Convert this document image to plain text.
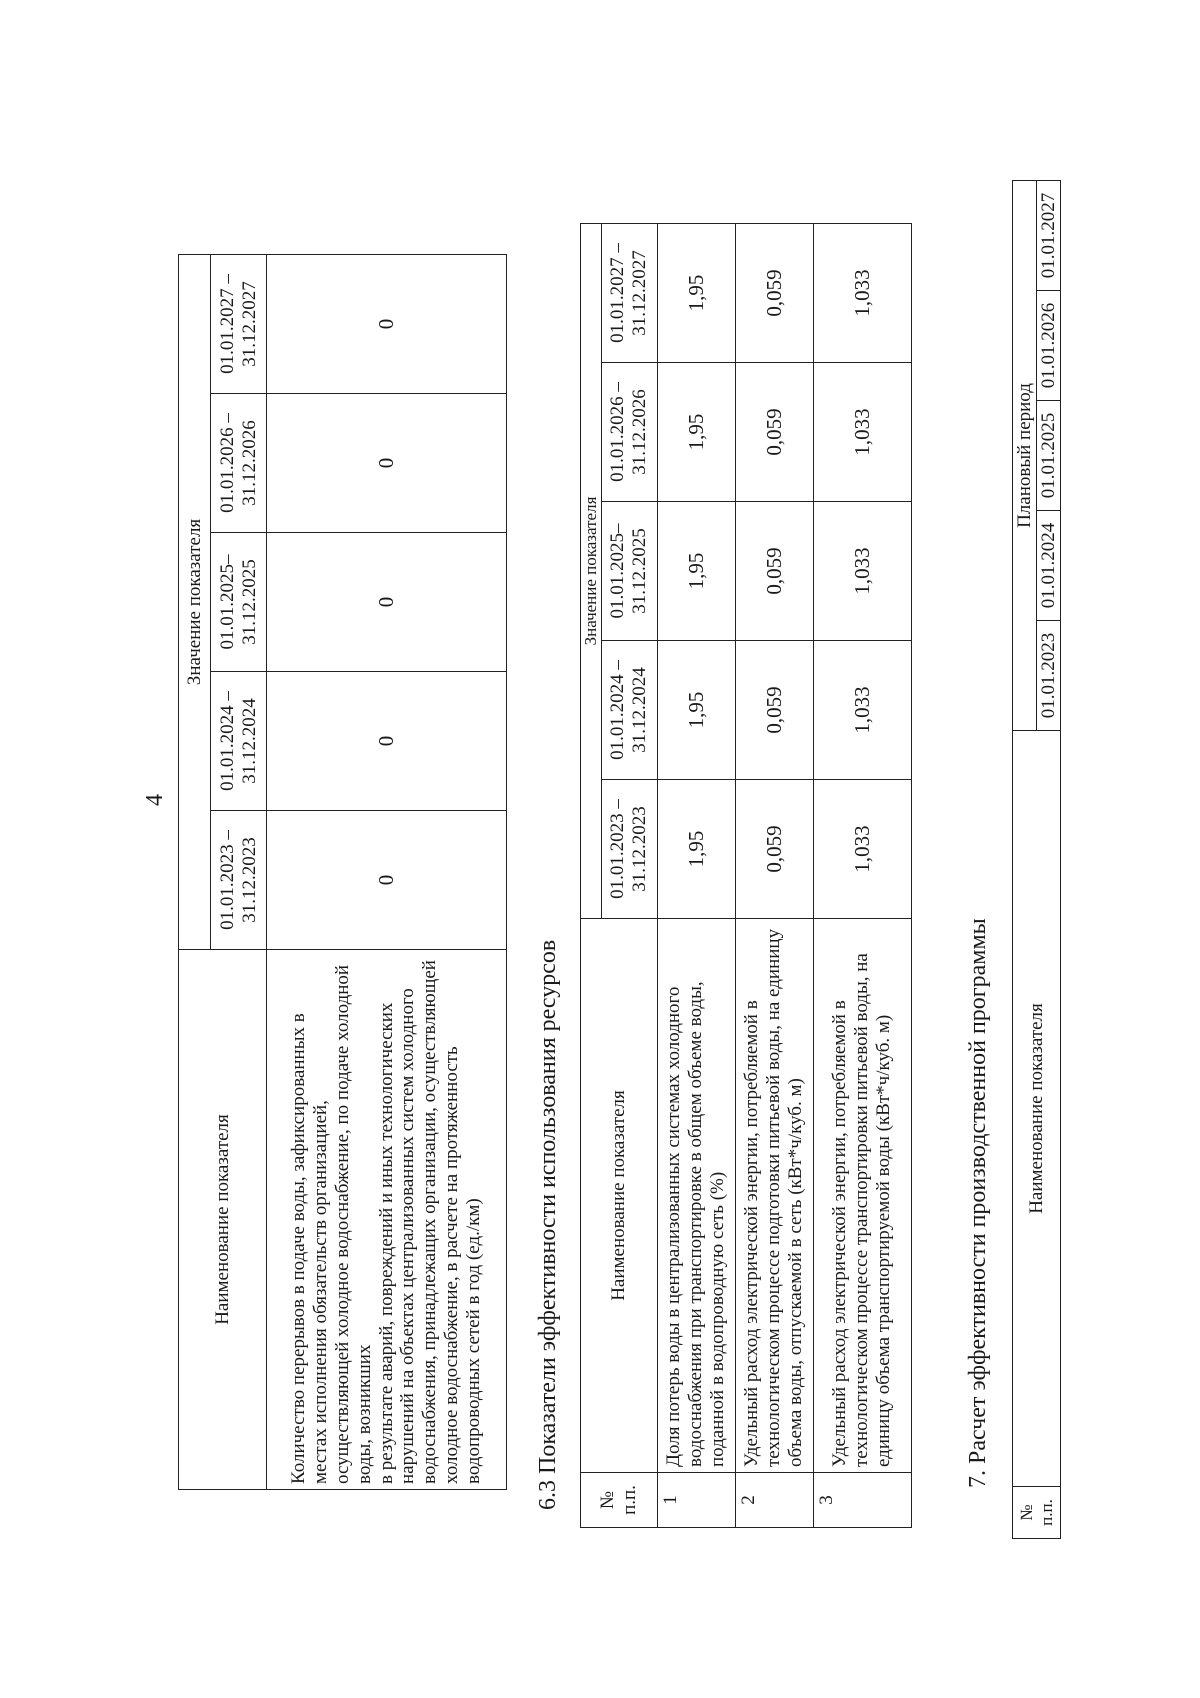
4
Наименование показателя	Значение показателя				
	01.01.2023 – 31.12.2023	01.01.2024 – 31.12.2024	01.01.2025– 31.12.2025	01.01.2026 – 31.12.2026	01.01.2027 – 31.12.2027

Количество перерывов в подаче воды, зафиксированных в местах исполнения обязательств организацией, осуществляющей холодное водоснабжение, по подаче холодной воды, возникших в результате аварий, повреждений и иных технологических нарушений на объектах централизованных систем холодного водоснабжения, принадлежащих организации, осуществляющей холодное водоснабжение, в расчете на протяженность водопроводных сетей в год (ед./км)	0	0	0	0	0
6.3 Показатели эффективности использования ресурсов № п.п.	Наименование показателя	Значение показателя				
		01.01.2023 – 31.12.2023	01.01.2024 – 31.12.2024	01.01.2025– 31.12.2025	01.01.2026 – 31.12.2026	01.01.2027 – 31.12.2027
1	Доля потерь воды в централизованных системах холодного водоснабжения при транспортировке в общем объеме воды, поданной в водопроводную сеть (%)	1,95	1,95	1,95	1,95	1,95
2	Удельный расход электрической энергии, потребляемой в технологическом процессе подготовки питьевой воды, на единицу объема воды, отпускаемой в сеть (кВт*ч/куб. м)	0,059	0,059	0,059	0,059	0,059
3	Удельный расход электрической энергии, потребляемой в технологическом процессе транспортировки питьевой воды, на единицу объема транспортируемой воды (кВт*ч/куб. м)	1,033	1,033	1,033	1,033	1,033
7. Расчет эффективности производственной программы
№ п.п.	Наименование показателя	Плановый период				
		01.01.2023	01.01.2024	01.01.2025	01.01.2026	01.01.2027
